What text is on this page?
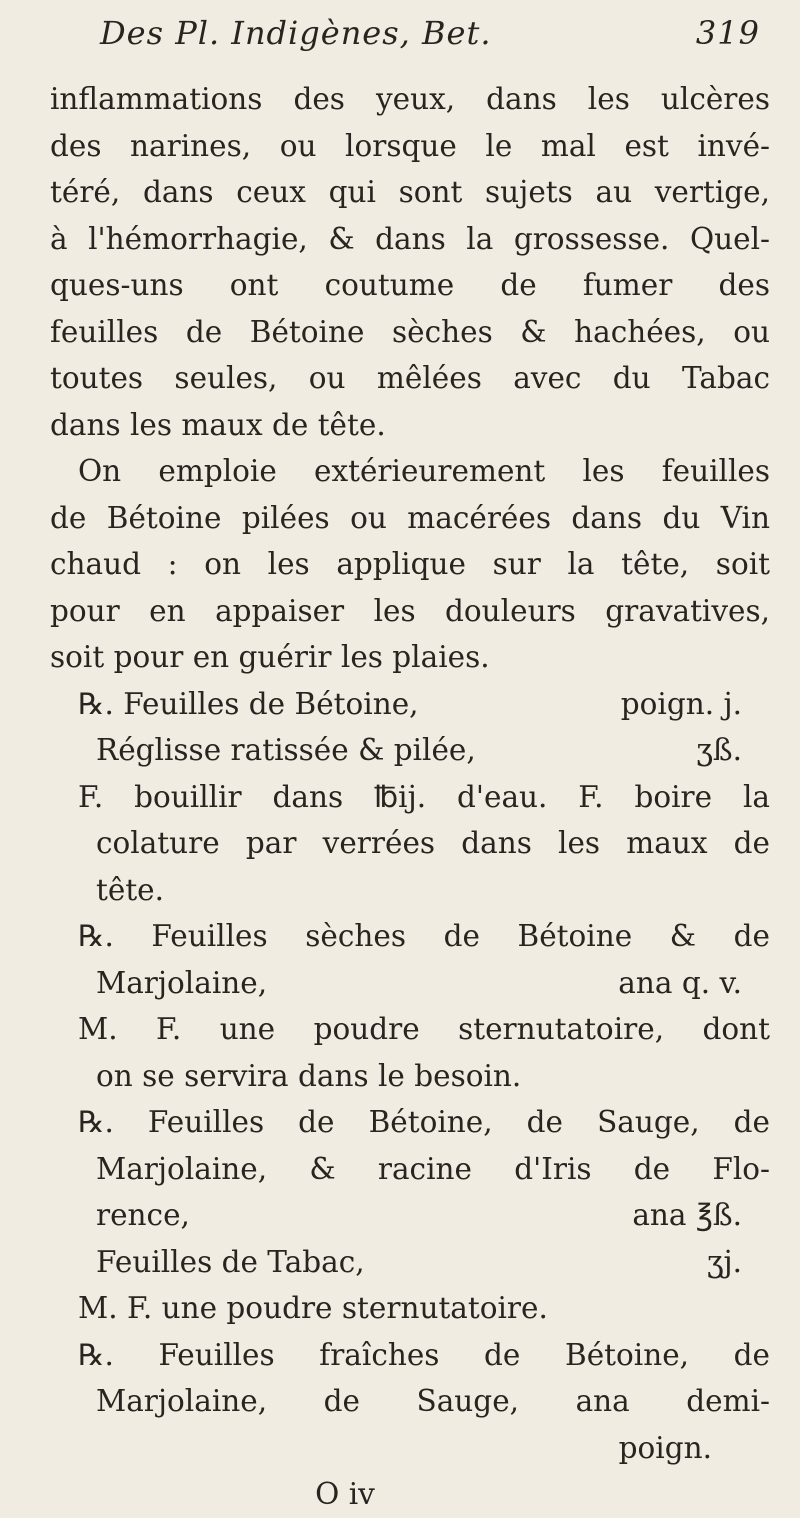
Des Pl. Indigènes, Bet.	319
inflammations des yeux, dans les ulcères
des narines, ou lorsque le mal est invé-
téré, dans ceux qui sont sujets au vertige,
à l'hémorrhagie, & dans la grossesse. Quel-
ques-uns ont coutume de fumer des
feuilles de Bétoine sèches & hachées, ou
toutes seules, ou mêlées avec du Tabac
dans les maux de tête.
On emploie extérieurement les feuilles
de Bétoine pilées ou macérées dans du Vin
chaud : on les applique sur la tête, soit
pour en appaiser les douleurs gravatives,
soit pour en guérir les plaies.
℞. Feuilles de Bétoine,	poign. j.
Réglisse ratissée & pilée,	ʒß.
F. bouillir dans ℔ij. d'eau. F. boire la
colature par verrées dans les maux de
tête.
℞. Feuilles sèches de Bétoine & de
Marjolaine,	ana q. v.
M. F. une poudre sternutatoire, dont
on se servira dans le besoin.
℞. Feuilles de Bétoine, de Sauge, de
Marjolaine, & racine d'Iris de Flo-
rence,	ana ℥ß.
Feuilles de Tabac,	ʒj.
M. F. une poudre sternutatoire.
℞. Feuilles fraîches de Bétoine, de
Marjolaine, de Sauge, ana demi-
poign.
O iv
